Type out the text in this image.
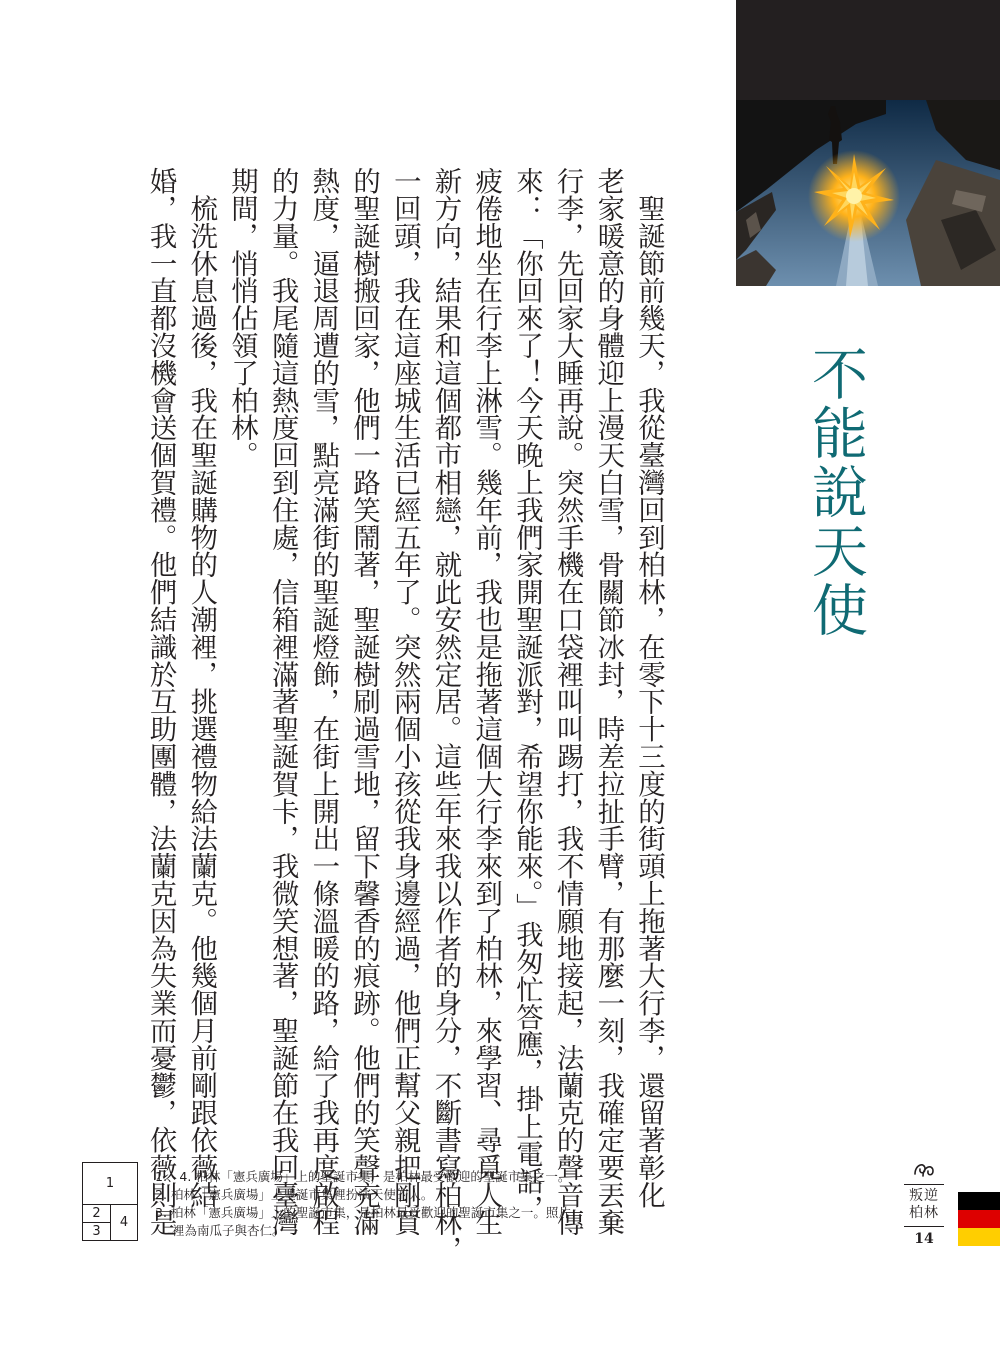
不能說天使
　聖誕節前幾天，我從臺灣回到柏林，在零下十三度的街頭上拖著大行李，還留著彰化
老家暖意的身體迎上漫天白雪，骨關節冰封，時差拉扯手臂，有那麼一刻，我確定要丟棄
行李，先回家大睡再說。突然手機在口袋裡叫叫踢打，我不情願地接起，法蘭克的聲音傳
來：「你回來了！今天晚上我們家開聖誕派對，希望你能來。」我匆忙答應，掛上電話，
疲倦地坐在行李上淋雪。幾年前，我也是拖著這個大行李來到了柏林，來學習、尋覓人生
新方向，結果和這個都市相戀，就此安然定居。這些年來我以作者的身分，不斷書寫柏林，
一回頭，我在這座城生活已經五年了。突然兩個小孩從我身邊經過，他們正幫父親把剛買
的聖誕樹搬回家，他們一路笑鬧著，聖誕樹刷過雪地，留下馨香的痕跡。他們的笑聲充滿
熱度，逼退周遭的雪，點亮滿街的聖誕燈飾，在街上開出一條溫暖的路，給了我再度啟程
的力量。我尾隨這熱度回到住處，信箱裡滿著聖誕賀卡，我微笑想著，聖誕節在我回臺灣
期間，悄悄佔領了柏林。
　梳洗休息過後，我在聖誕購物的人潮裡，挑選禮物給法蘭克。他幾個月前剛跟依薇結
婚，我一直都沒機會送個賀禮。他們結識於互助團體，法蘭克因為失業而憂鬱，依薇則是
1
2
3
4
1.、4. 柏林「憲兵廣場」上的聖誕市集，是柏林最受歡迎的聖誕市集之一。
2. 柏林「憲兵廣場」上聖誕市集裡扮演天使的人。
3. 柏林「憲兵廣場」上的聖誕市集，是柏林最受歡迎的聖誕市集之一。照片
裡為南瓜子與杏仁。
叛逆
柏林
14
